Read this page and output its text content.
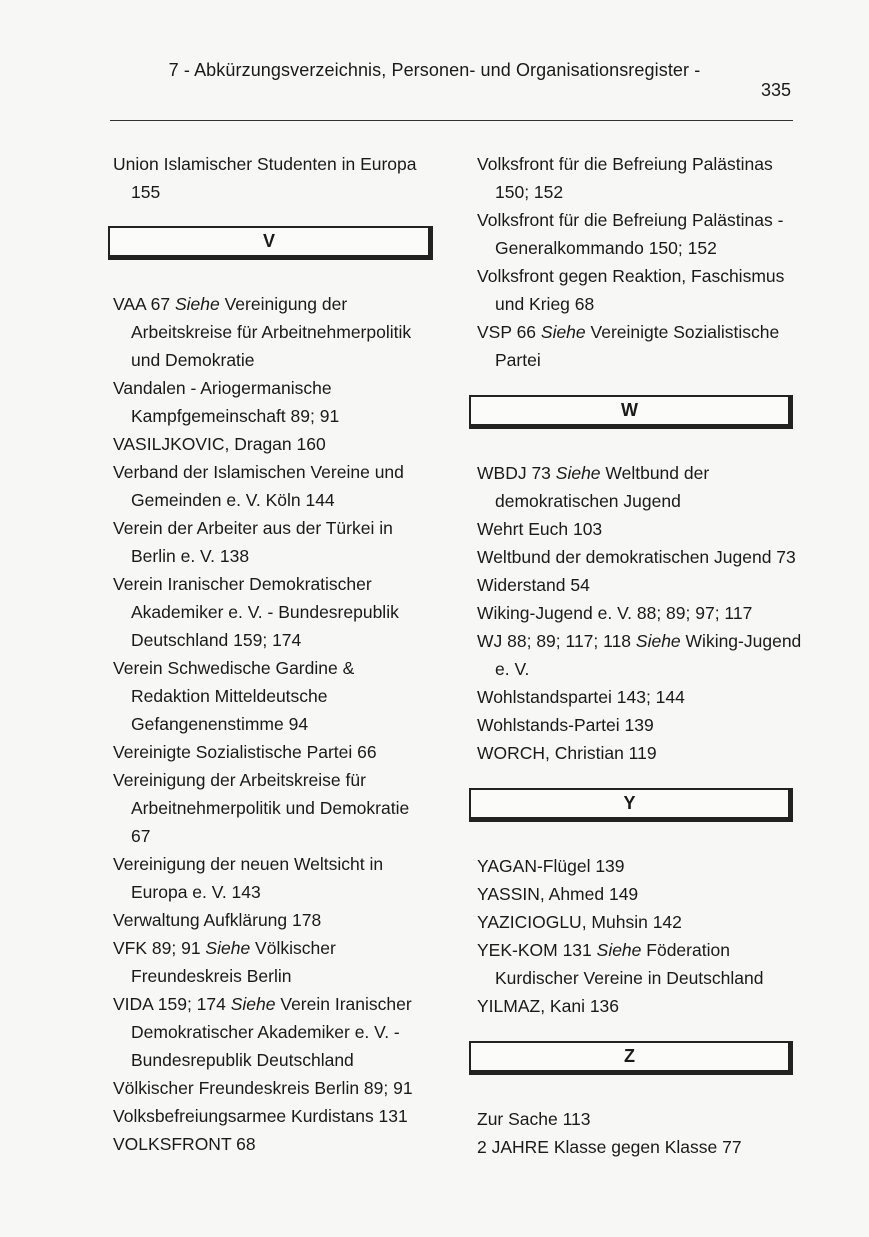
7 - Abkürzungsverzeichnis, Personen- und Organisationsregister -
335
Union Islamischer Studenten in Europa 155
V
VAA 67 Siehe Vereinigung der Arbeitskreise für Arbeitnehmerpolitik und Demokratie
Vandalen - Ariogermanische Kampfgemeinschaft 89; 91
VASILJKOVIC, Dragan 160
Verband der Islamischen Vereine und Gemeinden e. V. Köln 144
Verein der Arbeiter aus der Türkei in Berlin e. V. 138
Verein Iranischer Demokratischer Akademiker e. V. - Bundesrepublik Deutschland 159; 174
Verein Schwedische Gardine & Redaktion Mitteldeutsche Gefangenenstimme 94
Vereinigte Sozialistische Partei 66
Vereinigung der Arbeitskreise für Arbeitnehmerpolitik und Demokratie 67
Vereinigung der neuen Weltsicht in Europa e. V. 143
Verwaltung Aufklärung 178
VFK 89; 91 Siehe Völkischer Freundeskreis Berlin
VIDA 159; 174 Siehe Verein Iranischer Demokratischer Akademiker e. V. - Bundesrepublik Deutschland
Völkischer Freundeskreis Berlin 89; 91
Volksbefreiungsarmee Kurdistans 131
VOLKSFRONT 68
Volksfront für die Befreiung Palästinas 150; 152
Volksfront für die Befreiung Palästinas - Generalkommando 150; 152
Volksfront gegen Reaktion, Faschismus und Krieg 68
VSP 66 Siehe Vereinigte Sozialistische Partei
W
WBDJ 73 Siehe Weltbund der demokratischen Jugend
Wehrt Euch 103
Weltbund der demokratischen Jugend 73
Widerstand 54
Wiking-Jugend e. V. 88; 89; 97; 117
WJ 88; 89; 117; 118 Siehe Wiking-Jugend e. V.
Wohlstandspartei 143; 144
Wohlstands-Partei 139
WORCH, Christian 119
Y
YAGAN-Flügel 139
YASSIN, Ahmed 149
YAZICIOGLU, Muhsin 142
YEK-KOM 131 Siehe Föderation Kurdischer Vereine in Deutschland
YILMAZ, Kani 136
Z
Zur Sache 113
2 JAHRE Klasse gegen Klasse 77
